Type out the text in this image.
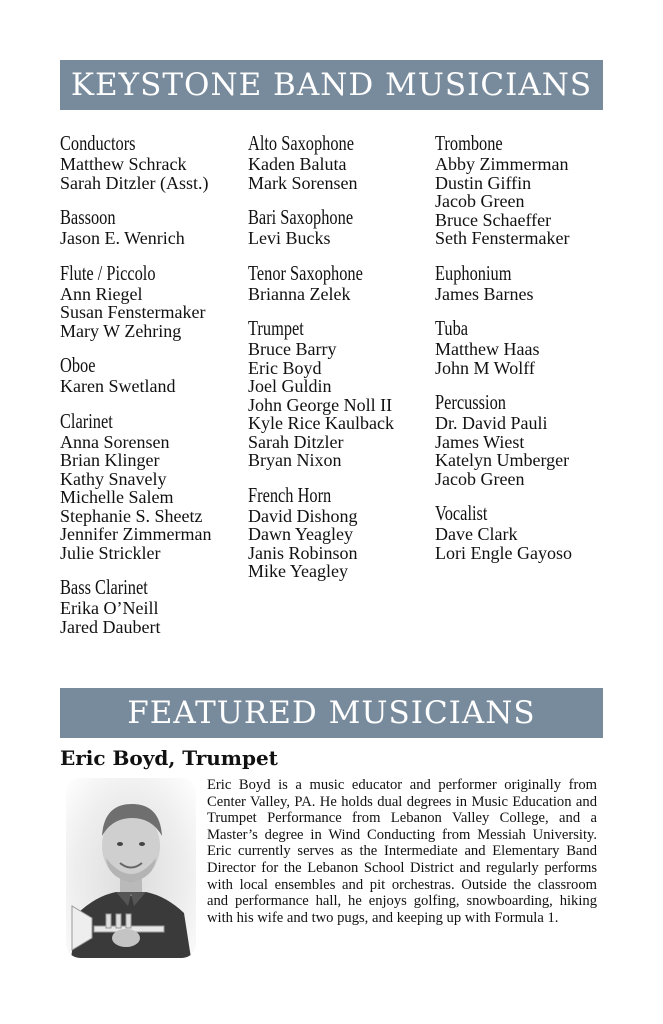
KEYSTONE BAND MUSICIANS
Conductors
Matthew Schrack
Sarah Ditzler (Asst.)
Bassoon
Jason E. Wenrich
Flute / Piccolo
Ann Riegel
Susan Fenstermaker
Mary W Zehring
Oboe
Karen Swetland
Clarinet
Anna Sorensen
Brian Klinger
Kathy Snavely
Michelle Salem
Stephanie S. Sheetz
Jennifer Zimmerman
Julie Strickler
Bass Clarinet
Erika O’Neill
Jared Daubert
Alto Saxophone
Kaden Baluta
Mark Sorensen
Bari Saxophone
Levi Bucks
Tenor Saxophone
Brianna Zelek
Trumpet
Bruce Barry
Eric Boyd
Joel Guldin
John George Noll II
Kyle Rice Kaulback
Sarah Ditzler
Bryan Nixon
French Horn
David Dishong
Dawn Yeagley
Janis Robinson
Mike Yeagley
Trombone
Abby Zimmerman
Dustin Giffin
Jacob Green
Bruce Schaeffer
Seth Fenstermaker
Euphonium
James Barnes
Tuba
Matthew Haas
John M Wolff
Percussion
Dr. David Pauli
James Wiest
Katelyn Umberger
Jacob Green
Vocalist
Dave Clark
Lori Engle Gayoso
FEATURED MUSICIANS
Eric Boyd, Trumpet

Eric Boyd is a music educator and performer originally from Center Valley, PA. He holds dual degrees in Music Education and Trumpet Performance from Lebanon Valley College, and a Master’s degree in Wind Conducting from Messiah University. Eric currently serves as the Intermediate and Elementary Band Director for the Lebanon School District and regularly performs with local ensembles and pit orchestras. Outside the classroom and performance hall, he enjoys golfing, snowboarding, hiking with his wife and two pugs, and keeping up with Formula 1.
